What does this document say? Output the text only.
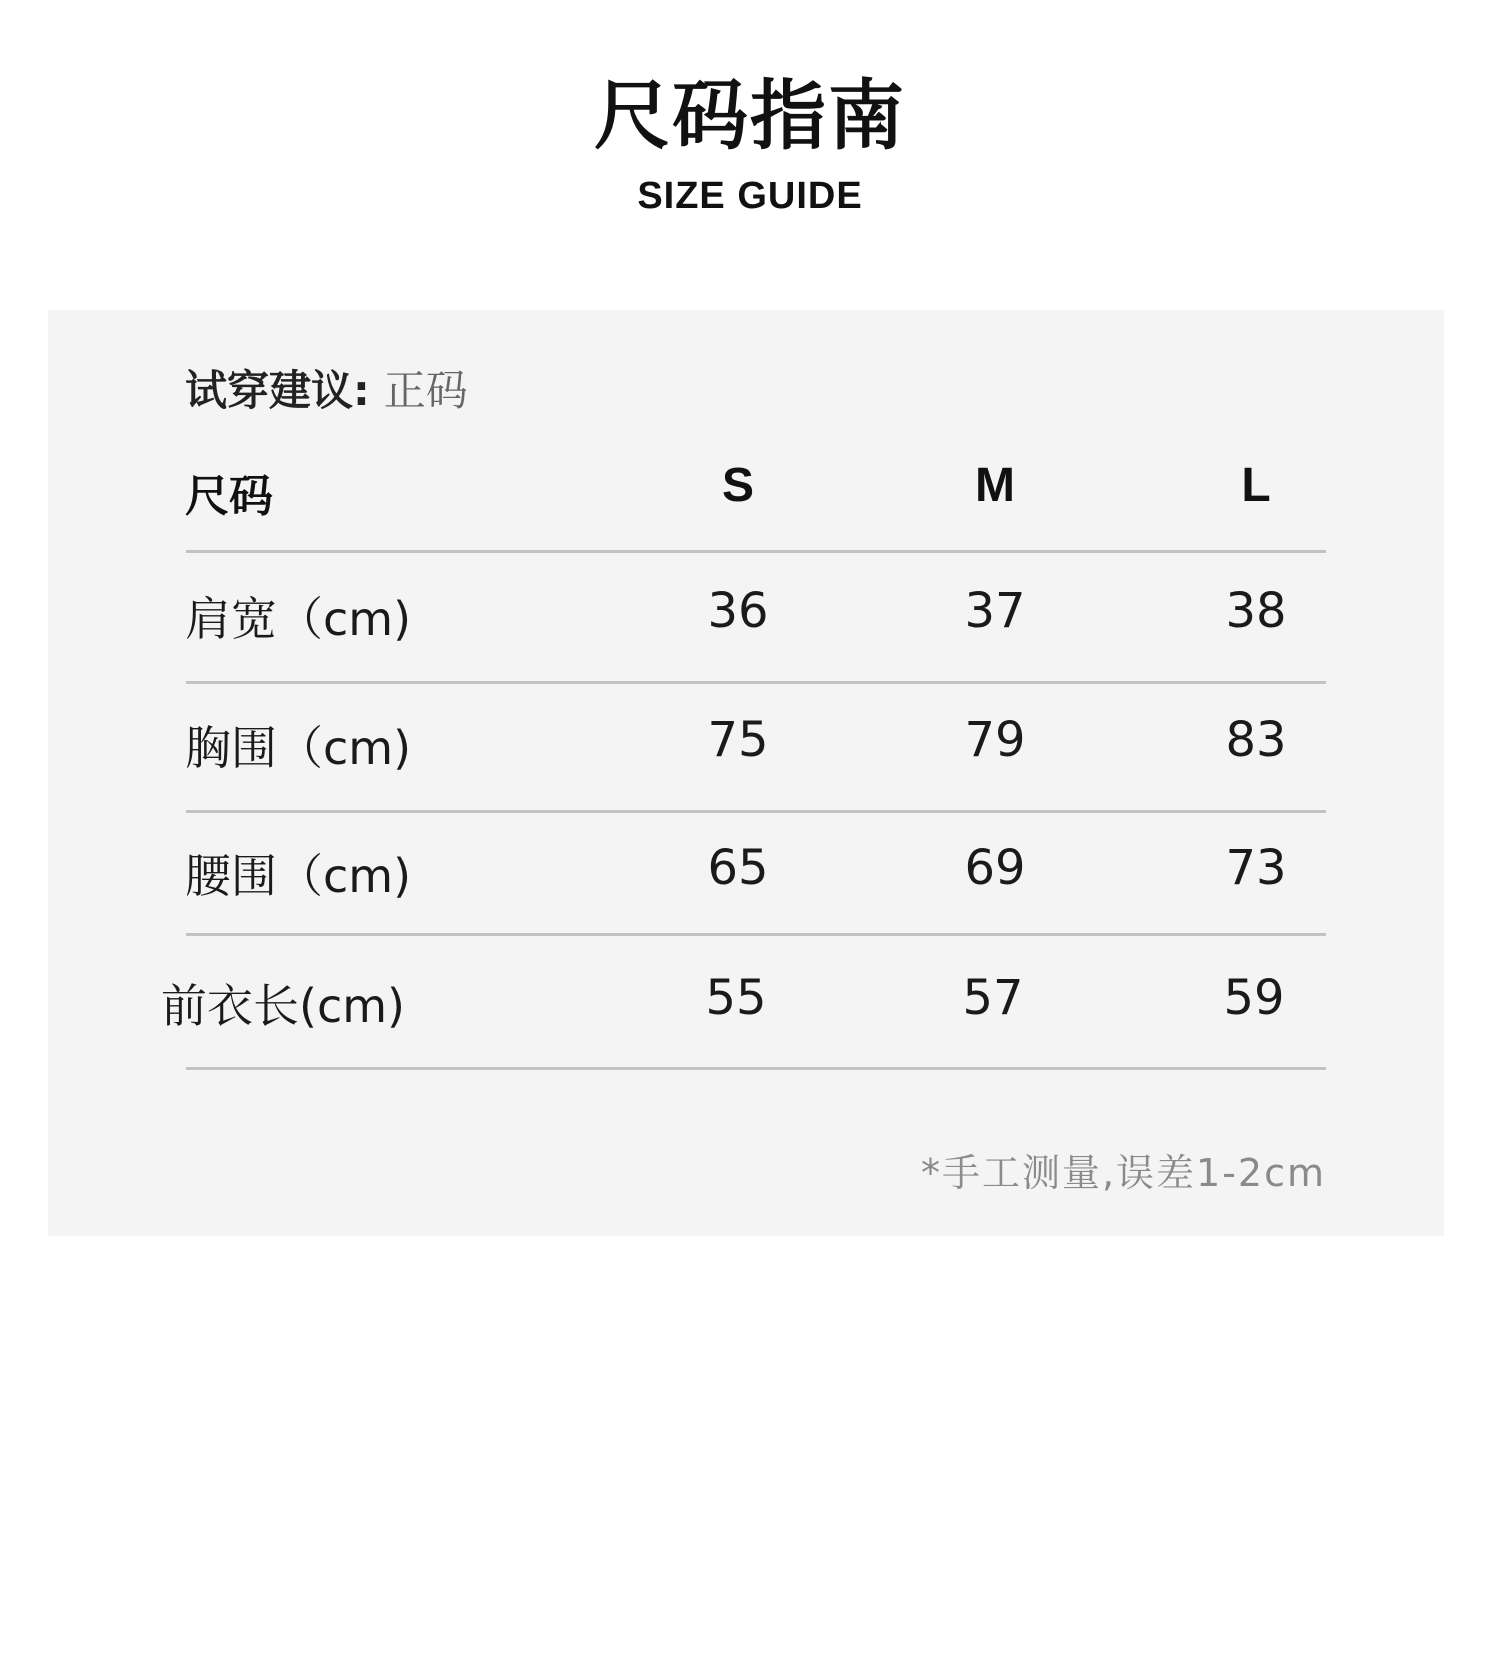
尺码指南
SIZE GUIDE
试穿建议: 正码
尺码	S	M	L
肩宽（cm)	36	37	38
胸围（cm)	75	79	83
腰围（cm)	65	69	73
前衣长(cm)	55	57	59
*手工测量,误差1-2cm
